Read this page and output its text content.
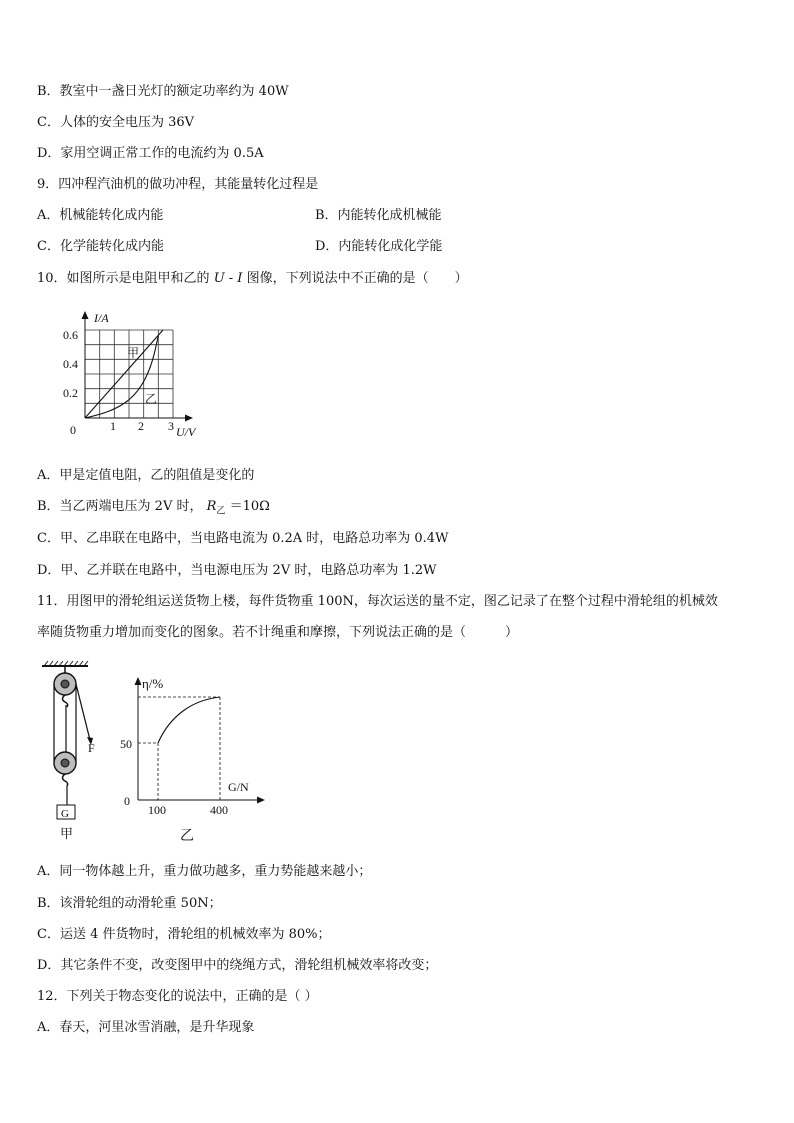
B．教室中一盏日光灯的额定功率约为 40W
C．人体的安全电压为 36V
D．家用空调正常工作的电流约为 0.5A
9．四冲程汽油机的做功冲程，其能量转化过程是
A．机械能转化成内能	B．内能转化成机械能
C．化学能转化成内能	D．内能转化成化学能
10．如图所示是电阻甲和乙的 U - I 图像，下列说法中不正确的是（　　）
I/A
U/V
0	1 2 3
0.2
0.4
0.6
甲
乙
A．甲是定值电阻，乙的阻值是变化的
B．当乙两端电压为 2V 时， $R_乙 =10\Omega$
C．甲、乙串联在电路中，当电路电流为 0.2A 时，电路总功率为 0.4W
D．甲、乙并联在电路中，当电源电压为 2V 时，电路总功率为 1.2W
11．用图甲的滑轮组运送货物上楼，每件货物重 100N，每次运送的量不定，图乙记录了在整个过程中滑轮组的机械效
率随货物重力增加而变化的图象。若不计绳重和摩擦，下列说法正确的是（　　　）
F
G
甲
η/%
G/N
0
50
100	400
乙
A．同一物体越上升，重力做功越多，重力势能越来越小；
B．该滑轮组的动滑轮重 50N；
C．运送 4 件货物时，滑轮组的机械效率为 80%；
D．其它条件不变，改变图甲中的绕绳方式，滑轮组机械效率将改变；
12．下列关于物态变化的说法中，正确的是（ ）
A．春天，河里冰雪消融，是升华现象
